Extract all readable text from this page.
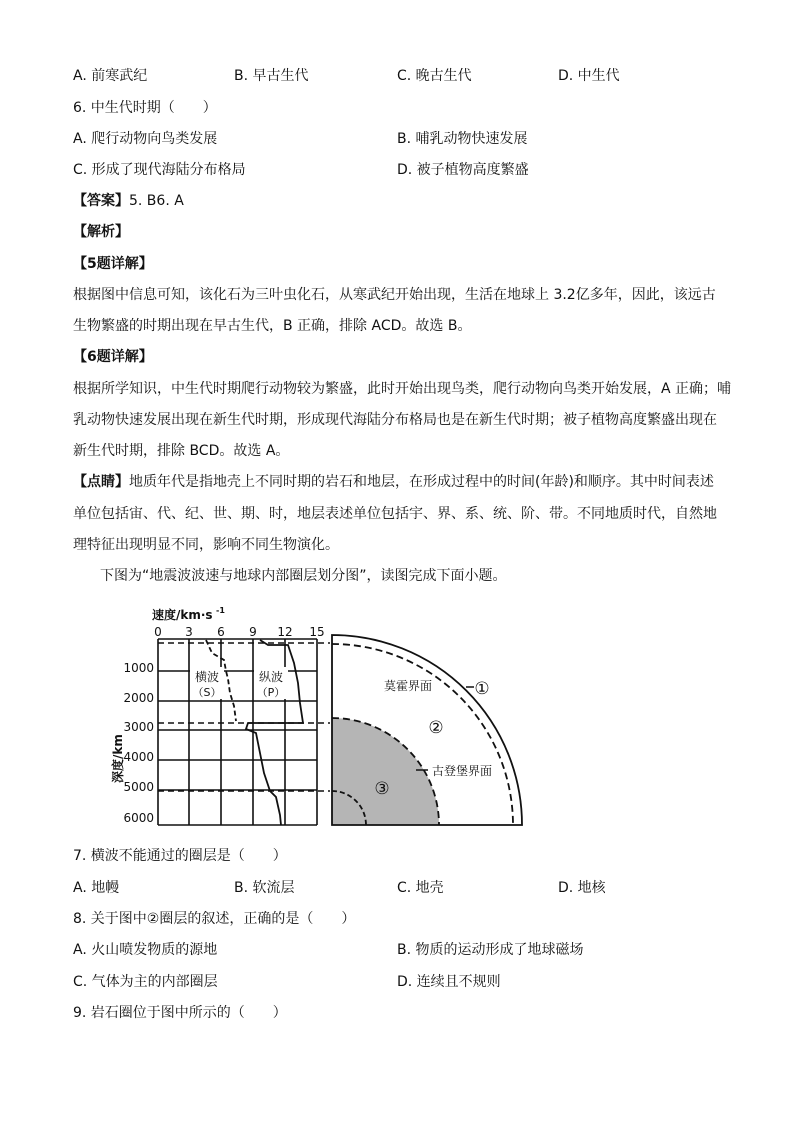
A. 前寒武纪	B. 早古生代	C. 晚古生代	D. 中生代
6. 中生代时期（　　）
A. 爬行动物向鸟类发展	B. 哺乳动物快速发展
C. 形成了现代海陆分布格局	D. 被子植物高度繁盛
【答案】5. B6. A
【解析】
【5题详解】
根据图中信息可知，该化石为三叶虫化石，从寒武纪开始出现，生活在地球上 3.2亿多年，因此，该远古
生物繁盛的时期出现在早古生代，B 正确，排除 ACD。故选 B。
【6题详解】
根据所学知识，中生代时期爬行动物较为繁盛，此时开始出现鸟类，爬行动物向鸟类开始发展，A 正确；哺
乳动物快速发展出现在新生代时期，形成现代海陆分布格局也是在新生代时期；被子植物高度繁盛出现在
新生代时期，排除 BCD。故选 A。
【点睛】地质年代是指地壳上不同时期的岩石和地层，在形成过程中的时间(年龄)和顺序。其中时间表述
单位包括宙、代、纪、世、期、时，地层表述单位包括宇、界、系、统、阶、带。不同地质时代，自然地
理特征出现明显不同，影响不同生物演化。
下图为“地震波波速与地球内部圈层划分图”，读图完成下面小题。
速度/km·s -1
0 3 6 9 12 15
1000
2000
3000
4000
5000
6000
深度/km
横波
（S）
纵波
（P）	莫霍界面 ①
②
古登堡界面
③
7. 横波不能通过的圈层是（　　）
A. 地幔	B. 软流层	C. 地壳	D. 地核
8. 关于图中②圈层的叙述，正确的是（　　）
A. 火山喷发物质的源地	B. 物质的运动形成了地球磁场
C. 气体为主的内部圈层	D. 连续且不规则
9. 岩石圈位于图中所示的（　　）
